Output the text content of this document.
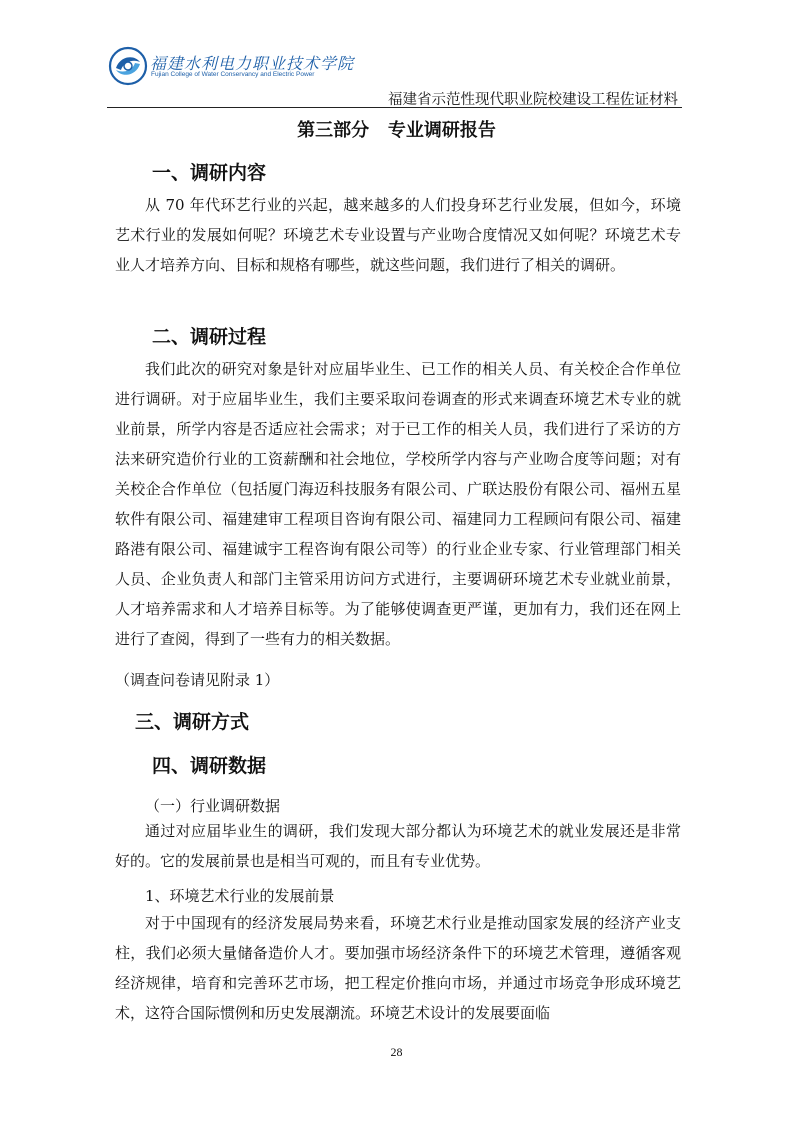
福建水利电力职业技术学院
Fujian College of Water Conservancy and Electric Power
福建省示范性现代职业院校建设工程佐证材料
第三部分   专业调研报告
一、调研内容
从 70 年代环艺行业的兴起，越来越多的人们投身环艺行业发展，但如今，环境艺术行业的发展如何呢？环境艺术专业设置与产业吻合度情况又如何呢？环境艺术专业人才培养方向、目标和规格有哪些，就这些问题，我们进行了相关的调研。
二、调研过程
我们此次的研究对象是针对应届毕业生、已工作的相关人员、有关校企合作单位进行调研。对于应届毕业生，我们主要采取问卷调查的形式来调查环境艺术专业的就业前景，所学内容是否适应社会需求；对于已工作的相关人员，我们进行了采访的方法来研究造价行业的工资薪酬和社会地位，学校所学内容与产业吻合度等问题；对有关校企合作单位（包括厦门海迈科技服务有限公司、广联达股份有限公司、福州五星软件有限公司、福建建审工程项目咨询有限公司、福建同力工程顾问有限公司、福建路港有限公司、福建诚宇工程咨询有限公司等）的行业企业专家、行业管理部门相关人员、企业负责人和部门主管采用访问方式进行，主要调研环境艺术专业就业前景，人才培养需求和人才培养目标等。为了能够使调查更严谨，更加有力，我们还在网上进行了查阅，得到了一些有力的相关数据。
（调查问卷请见附录 1）
三、调研方式
四、调研数据
（一）行业调研数据
通过对应届毕业生的调研，我们发现大部分都认为环境艺术的就业发展还是非常好的。它的发展前景也是相当可观的，而且有专业优势。
1、环境艺术行业的发展前景
对于中国现有的经济发展局势来看，环境艺术行业是推动国家发展的经济产业支柱，我们必须大量储备造价人才。要加强市场经济条件下的环境艺术管理，遵循客观经济规律，培育和完善环艺市场，把工程定价推向市场，并通过市场竞争形成环境艺术，这符合国际惯例和历史发展潮流。环境艺术设计的发展要面临
28
